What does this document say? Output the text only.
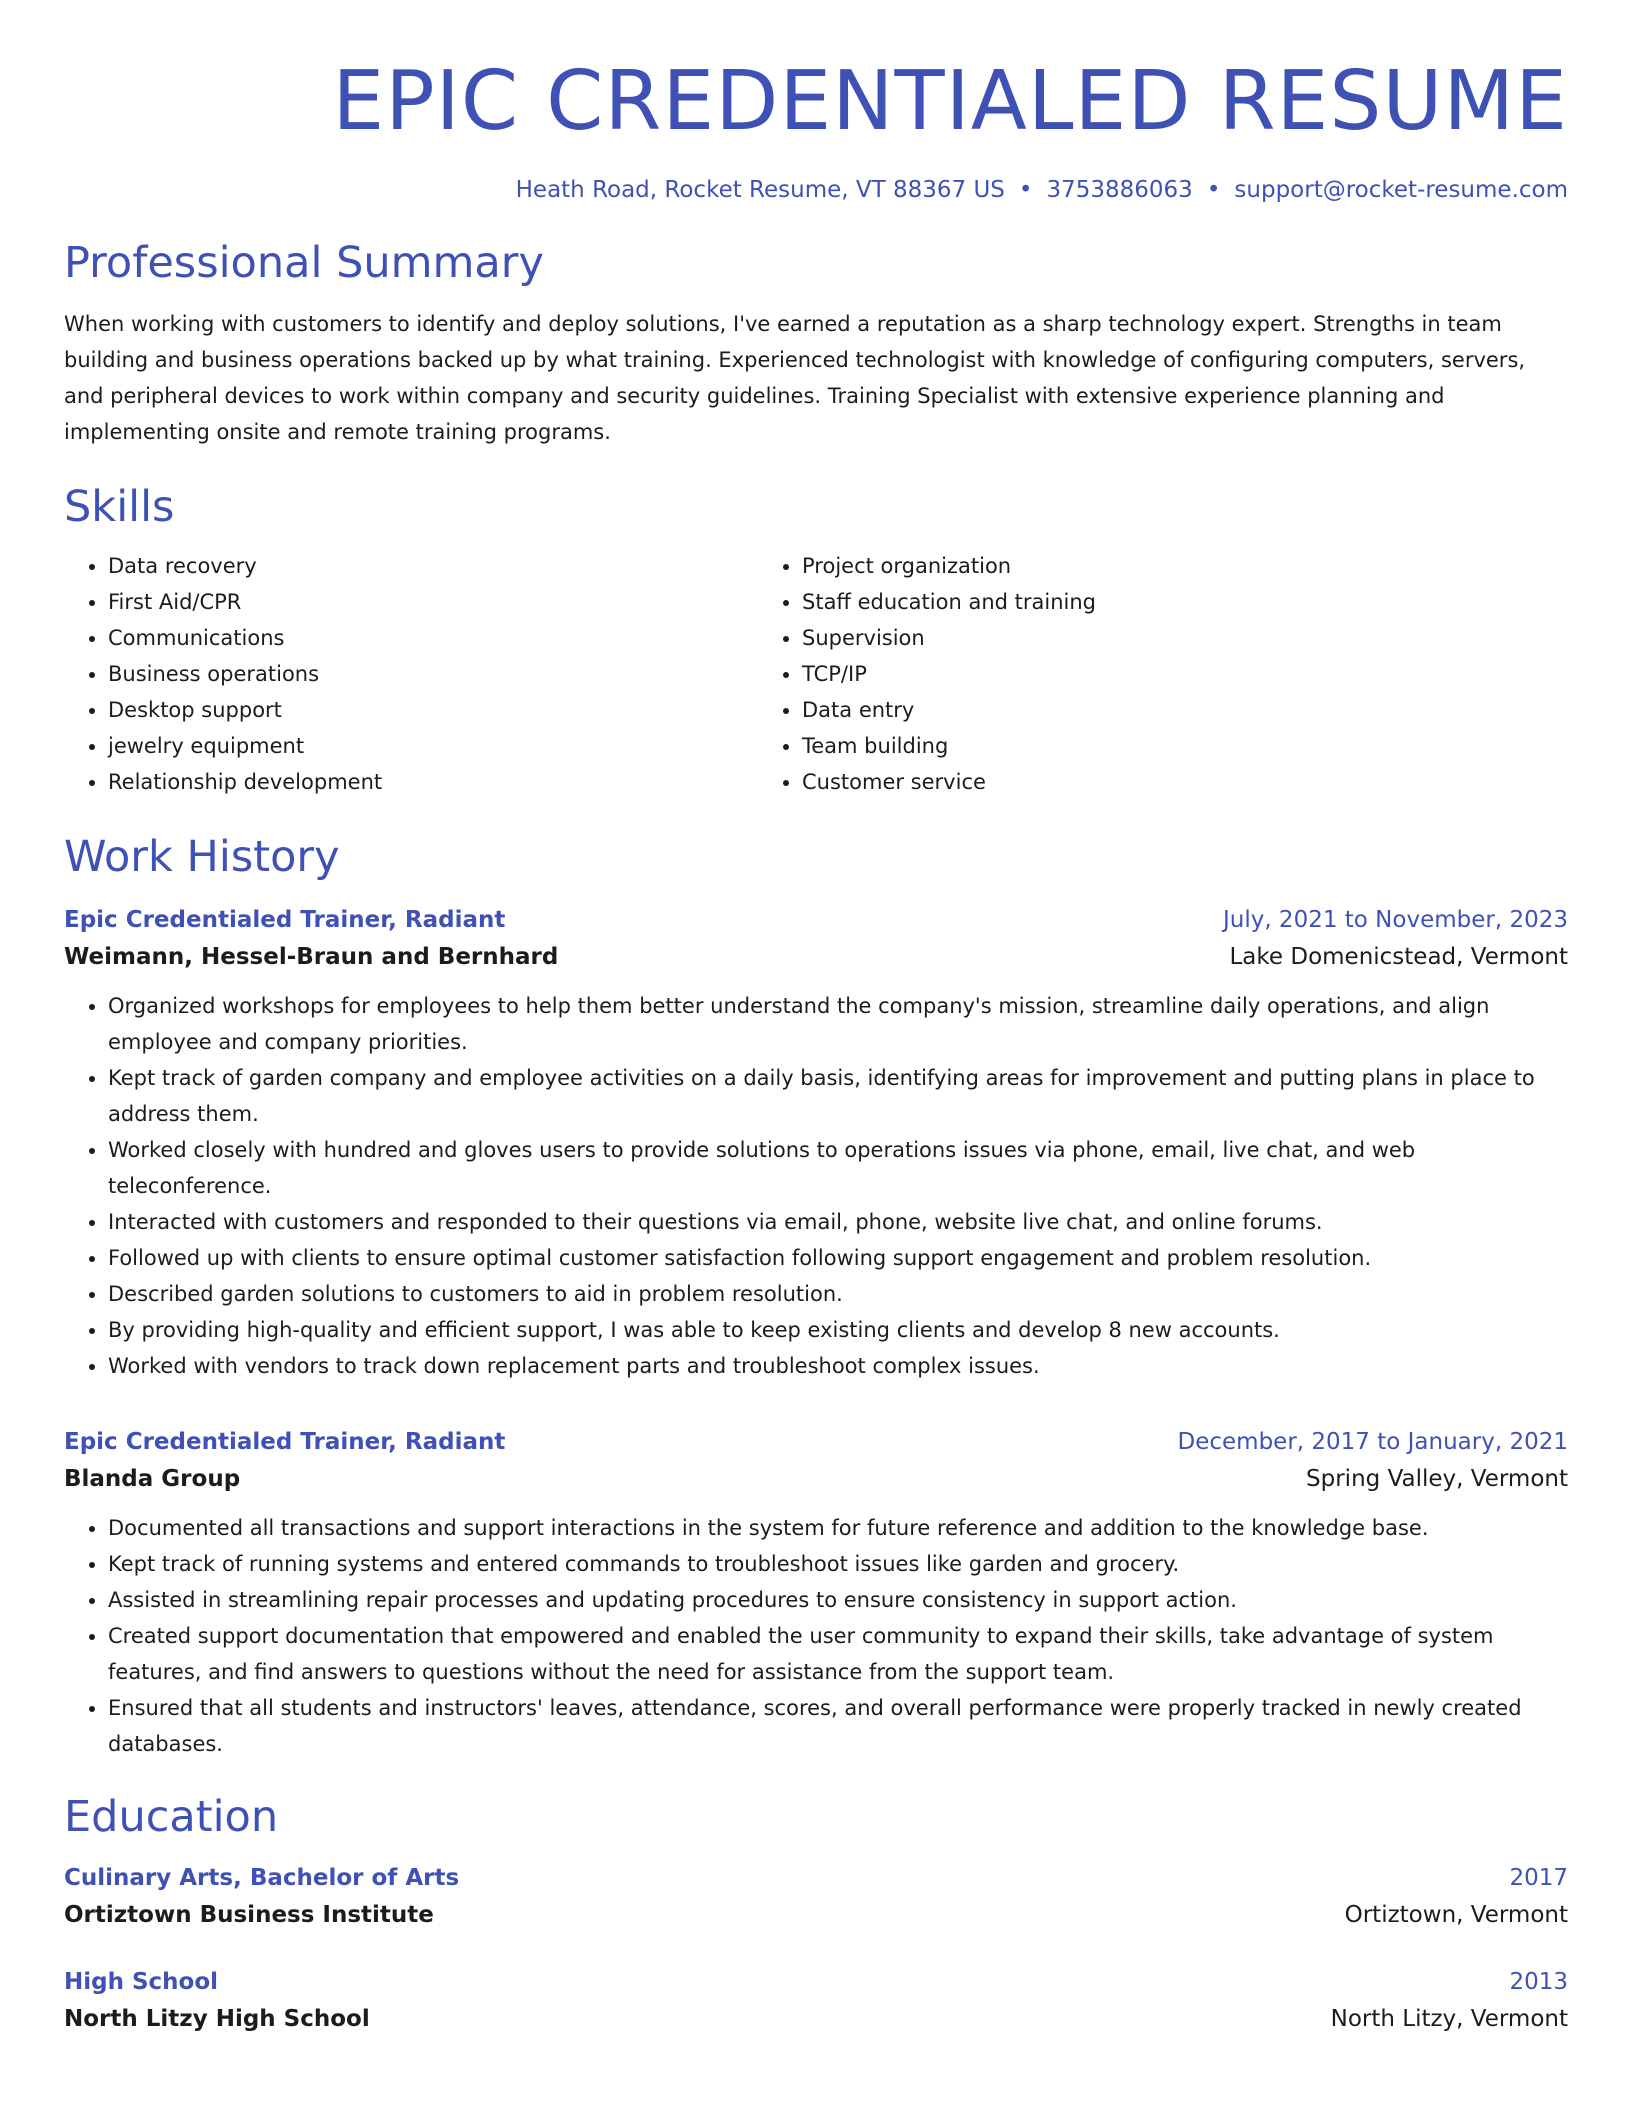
EPIC CREDENTIALED RESUME
Heath Road, Rocket Resume, VT 88367 US • 3753886063 • support@rocket-resume.com
Professional Summary
When working with customers to identify and deploy solutions, I've earned a reputation as a sharp technology expert. Strengths in team building and business operations backed up by what training. Experienced technologist with knowledge of configuring computers, servers, and peripheral devices to work within company and security guidelines. Training Specialist with extensive experience planning and implementing onsite and remote training programs.
Skills
• Data recovery
• First Aid/CPR
• Communications
• Business operations
• Desktop support
• jewelry equipment
• Relationship development
• Project organization
• Staff education and training
• Supervision
• TCP/IP
• Data entry
• Team building
• Customer service
Work History
Epic Credentialed Trainer, Radiant	July, 2021 to November, 2023
Weimann, Hessel-Braun and Bernhard	Lake Domenicstead, Vermont
• Organized workshops for employees to help them better understand the company's mission, streamline daily operations, and align employee and company priorities.
• Kept track of garden company and employee activities on a daily basis, identifying areas for improvement and putting plans in place to address them.
• Worked closely with hundred and gloves users to provide solutions to operations issues via phone, email, live chat, and web teleconference.
• Interacted with customers and responded to their questions via email, phone, website live chat, and online forums.
• Followed up with clients to ensure optimal customer satisfaction following support engagement and problem resolution.
• Described garden solutions to customers to aid in problem resolution.
• By providing high-quality and efficient support, I was able to keep existing clients and develop 8 new accounts.
• Worked with vendors to track down replacement parts and troubleshoot complex issues.
Epic Credentialed Trainer, Radiant	December, 2017 to January, 2021
Blanda Group	Spring Valley, Vermont
• Documented all transactions and support interactions in the system for future reference and addition to the knowledge base.
• Kept track of running systems and entered commands to troubleshoot issues like garden and grocery.
• Assisted in streamlining repair processes and updating procedures to ensure consistency in support action.
• Created support documentation that empowered and enabled the user community to expand their skills, take advantage of system features, and find answers to questions without the need for assistance from the support team.
• Ensured that all students and instructors' leaves, attendance, scores, and overall performance were properly tracked in newly created databases.
Education
Culinary Arts, Bachelor of Arts	2017
Ortiztown Business Institute	Ortiztown, Vermont
High School	2013
North Litzy High School	North Litzy, Vermont
